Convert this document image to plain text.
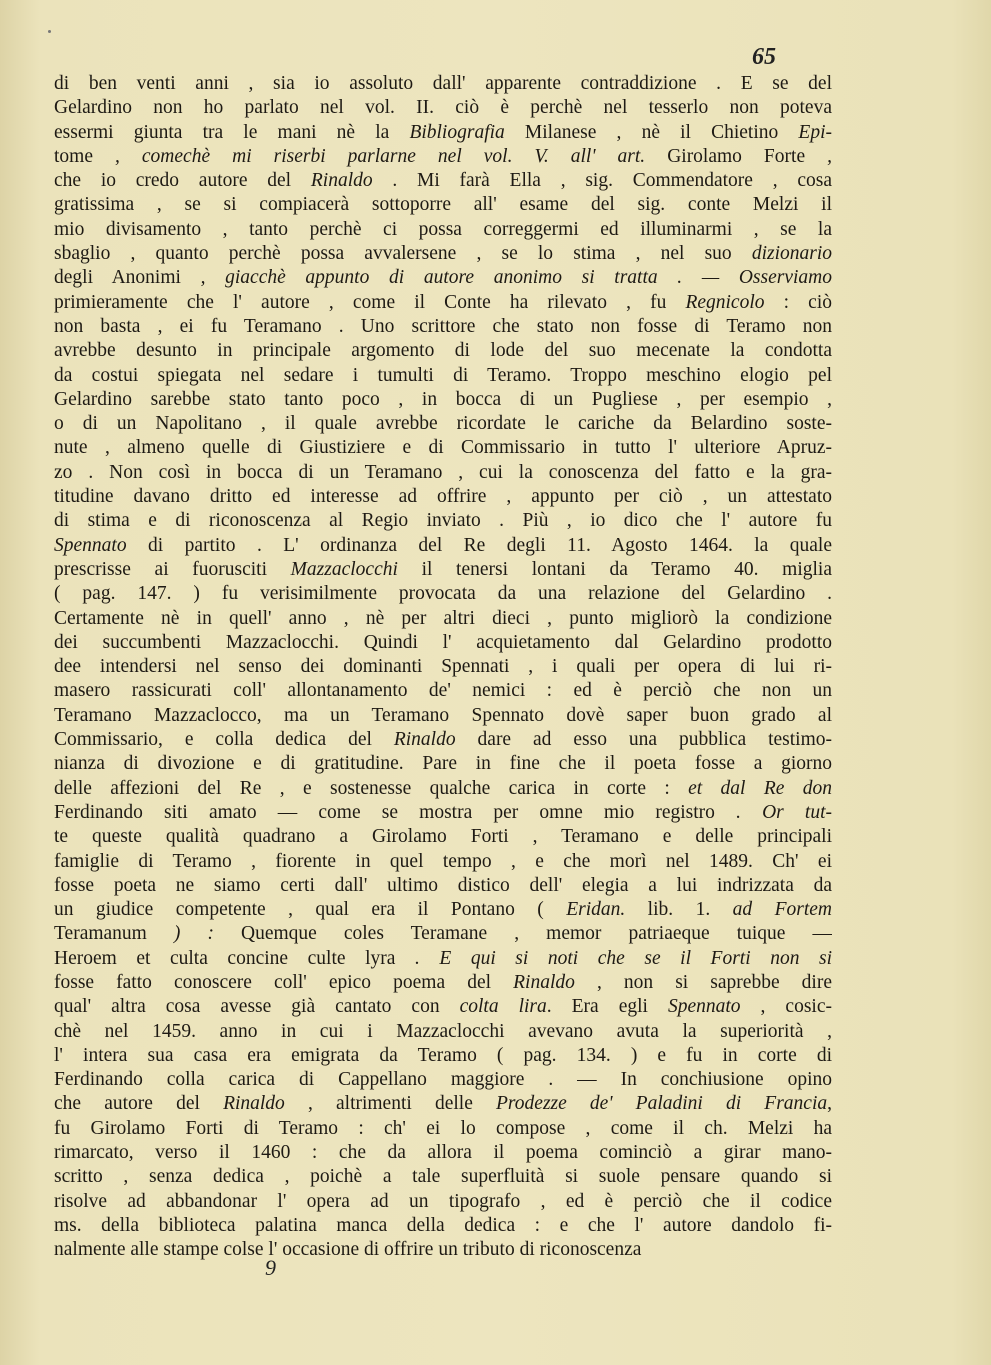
65
di ben venti anni , sia io assoluto dall' apparente contraddizione . E se del
Gelardino non ho parlato nel vol. II. ciò è perchè nel tesserlo non poteva
essermi giunta tra le mani nè la Bibliografia Milanese , nè il Chietino Epi-
tome , comechè mi riserbi parlarne nel vol. V. all' art. Girolamo Forte ,
che io credo autore del Rinaldo . Mi farà Ella , sig. Commendatore , cosa
gratissima , se si compiacerà sottoporre all' esame del sig. conte Melzi il
mio divisamento , tanto perchè ci possa correggermi ed illuminarmi , se la
sbaglio , quanto perchè possa avvalersene , se lo stima , nel suo dizionario
degli Anonimi , giacchè appunto di autore anonimo si tratta . — Osserviamo
primieramente che l' autore , come il Conte ha rilevato , fu Regnicolo : ciò
non basta , ei fu Teramano . Uno scrittore che stato non fosse di Teramo non
avrebbe desunto in principale argomento di lode del suo mecenate la condotta
da costui spiegata nel sedare i tumulti di Teramo. Troppo meschino elogio pel
Gelardino sarebbe stato tanto poco , in bocca di un Pugliese , per esempio ,
o di un Napolitano , il quale avrebbe ricordate le cariche da Belardino soste-
nute , almeno quelle di Giustiziere e di Commissario in tutto l' ulteriore Apruz-
zo . Non così in bocca di un Teramano , cui la conoscenza del fatto e la gra-
titudine davano dritto ed interesse ad offrire , appunto per ciò , un attestato
di stima e di riconoscenza al Regio inviato . Più , io dico che l' autore fu
Spennato di partito . L' ordinanza del Re degli 11. Agosto 1464. la quale
prescrisse ai fuorusciti Mazzaclocchi il tenersi lontani da Teramo 40. miglia
( pag. 147. ) fu verisimilmente provocata da una relazione del Gelardino .
Certamente nè in quell' anno , nè per altri dieci , punto migliorò la condizione
dei succumbenti Mazzaclocchi. Quindi l' acquietamento dal Gelardino prodotto
dee intendersi nel senso dei dominanti Spennati , i quali per opera di lui ri-
masero rassicurati coll' allontanamento de' nemici : ed è perciò che non un
Teramano Mazzaclocco, ma un Teramano Spennato dovè saper buon grado al
Commissario, e colla dedica del Rinaldo dare ad esso una pubblica testimo-
nianza di divozione e di gratitudine. Pare in fine che il poeta fosse a giorno
delle affezioni del Re , e sostenesse qualche carica in corte : et dal Re don
Ferdinando siti amato — come se mostra per omne mio registro . Or tut-
te queste qualità quadrano a Girolamo Forti , Teramano e delle principali
famiglie di Teramo , fiorente in quel tempo , e che morì nel 1489. Ch' ei
fosse poeta ne siamo certi dall' ultimo distico dell' elegia a lui indrizzata da
un giudice competente , qual era il Pontano ( Eridan. lib. 1. ad Fortem
Teramanum ) : Quemque coles Teramane , memor patriaeque tuique —
Heroem et culta concine culte lyra . E qui si noti che se il Forti non si
fosse fatto conoscere coll' epico poema del Rinaldo , non si saprebbe dire
qual' altra cosa avesse già cantato con colta lira. Era egli Spennato , cosic-
chè nel 1459. anno in cui i Mazzaclocchi avevano avuta la superiorità ,
l' intera sua casa era emigrata da Teramo ( pag. 134. ) e fu in corte di
Ferdinando colla carica di Cappellano maggiore . — In conchiusione opino
che autore del Rinaldo , altrimenti delle Prodezze de' Paladini di Francia,
fu Girolamo Forti di Teramo : ch' ei lo compose , come il ch. Melzi ha
rimarcato, verso il 1460 : che da allora il poema cominciò a girar mano-
scritto , senza dedica , poichè a tale superfluità si suole pensare quando si
risolve ad abbandonar l' opera ad un tipografo , ed è perciò che il codice
ms. della biblioteca palatina manca della dedica : e che l' autore dandolo fi-
nalmente alle stampe colse l' occasione di offrire un tributo di riconoscenza
9
